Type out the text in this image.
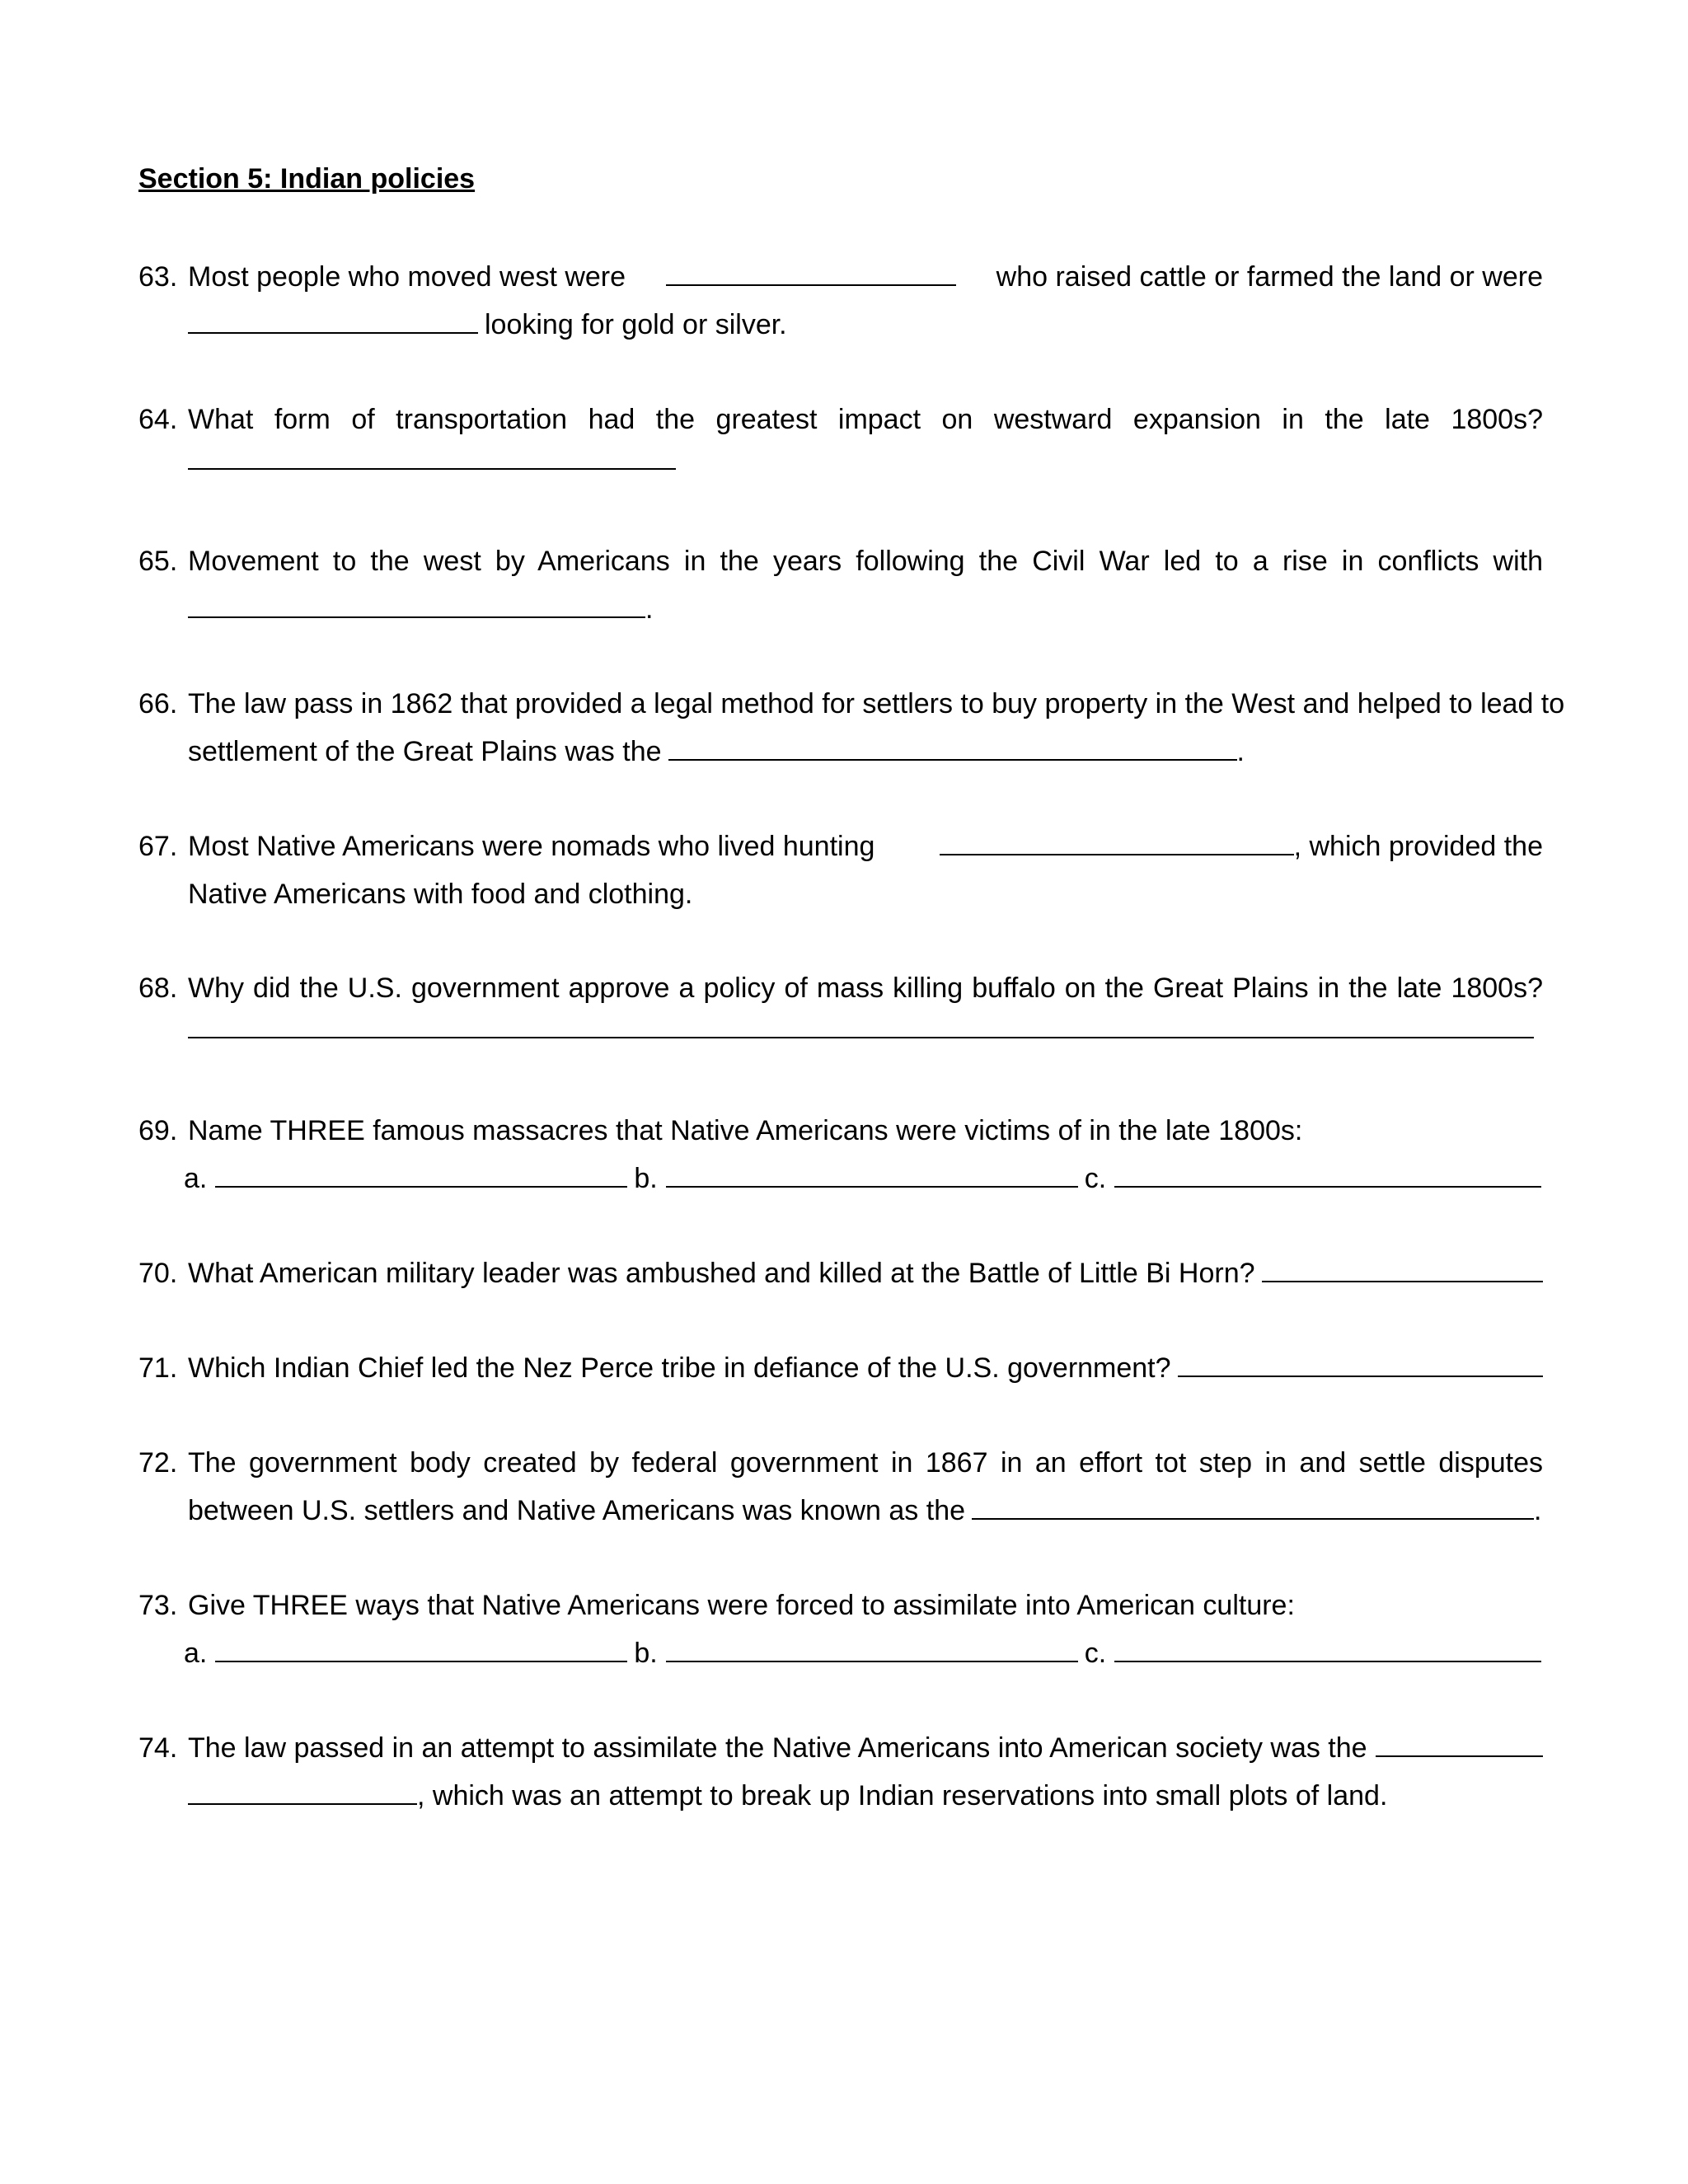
Section 5: Indian policies
63. Most people who moved west were	who raised cattle or farmed the land or were
looking for gold or silver.
64. What form of transportation had the greatest impact on westward expansion in the late 1800s?
65. Movement to the west by Americans in the years following the Civil War led to a rise in conflicts with
.
66. The law pass in 1862 that provided a legal method for settlers to buy property in the West and helped to lead to
settlement of the Great Plains was the	.
67. Most Native Americans were nomads who lived hunting	, which provided the
Native Americans with food and clothing.
68. Why did the U.S. government approve a policy of mass killing buffalo on the Great Plains in the late 1800s?
69. Name THREE famous massacres that Native Americans were victims of in the late 1800s:
a.	b.	c.
70. What American military leader was ambushed and killed at the Battle of Little Bi Horn?
71. Which Indian Chief led the Nez Perce tribe in defiance of the U.S. government?
72. The government body created by federal government in 1867 in an effort tot step in and settle disputes
between U.S. settlers and Native Americans was known as the	.
73. Give THREE ways that Native Americans were forced to assimilate into American culture:
a.	b.	c.
74. The law passed in an attempt to assimilate the Native Americans into American society was the
, which was an attempt to break up Indian reservations into small plots of land.
